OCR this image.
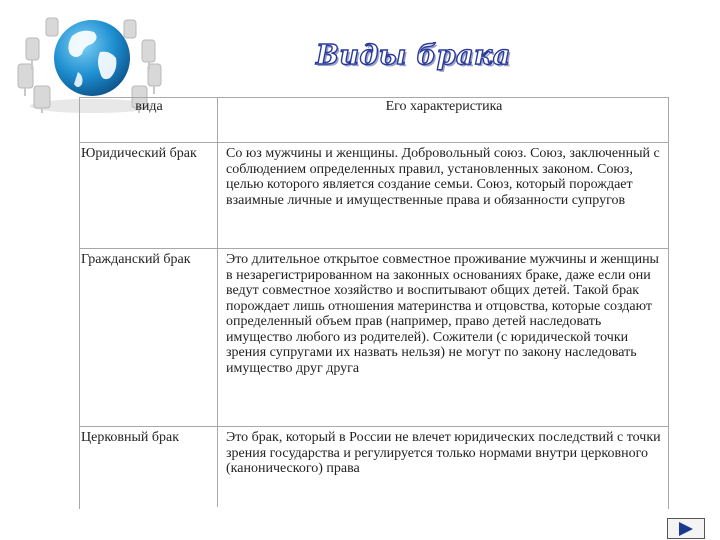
Виды брака
вида	Его характеристика

Юридический брак	Со юз мужчины и женщины. Добровольный союз. Союз, заключенный с соблюдением определенных правил, установленных законом. Союз, целью которого является создание семьи. Союз, который порождает взаимные личные и имущественные права и обязанности супругов
Гражданский брак	Это длительное открытое совместное проживание мужчины и женщины в незарегистрированном на законных основаниях браке, даже если они ведут совместное хозяйство и воспитывают общих детей. Такой брак порождает лишь отношения материнства и отцовства, которые создают определенный объем прав (например, право детей наследовать имущество любого из родителей). Сожители (с юридической точки зрения супругами их назвать нельзя) не могут по закону наследовать имущество друг друга
Церковный брак	Это брак, который в России не влечет юридических последствий с точки зрения государства и регулируется только нормами внутри церковного (канонического) права
